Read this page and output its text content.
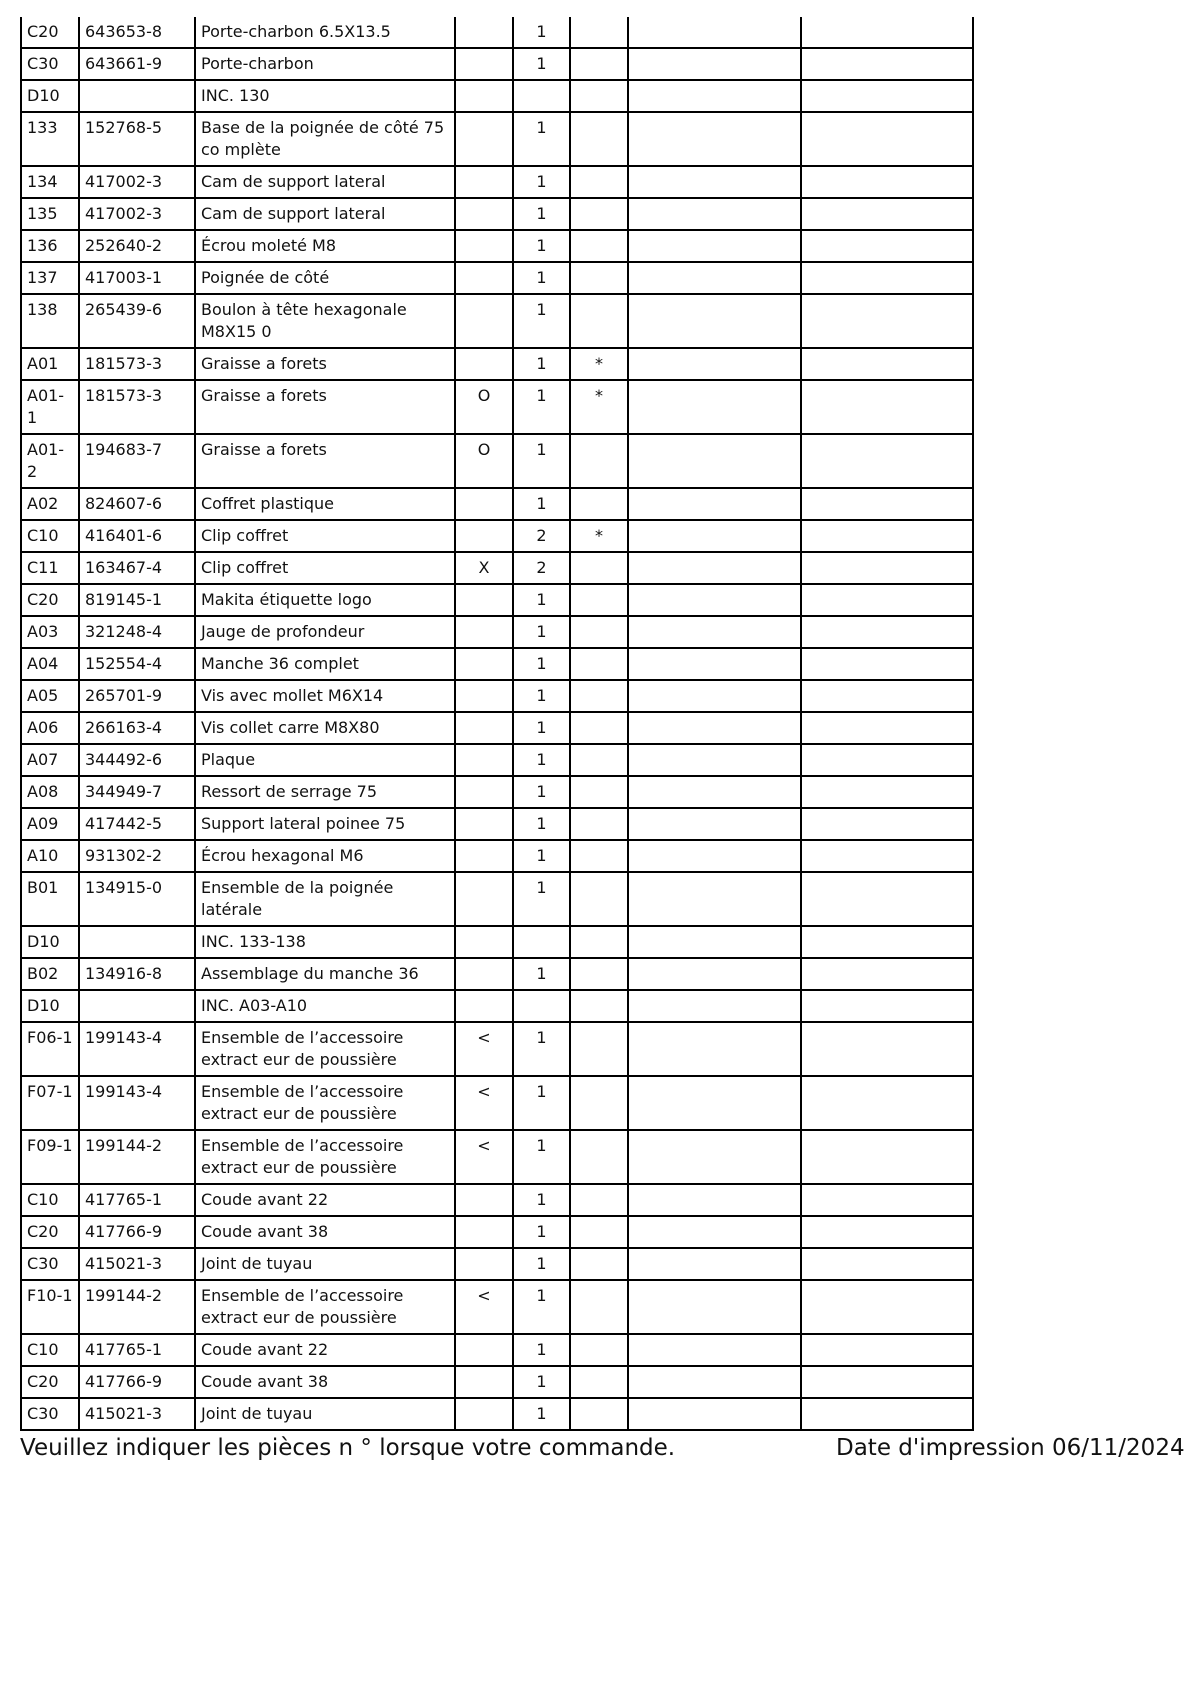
C20	643653-8	Porte-charbon 6.5X13.5		1			
C30	643661-9	Porte-charbon		1			
D10		INC. 130					
133	152768-5	Base de la poignée de côté 75 co mplète		1			
134	417002-3	Cam de support lateral		1			
135	417002-3	Cam de support lateral		1			
136	252640-2	Écrou moleté M8		1			
137	417003-1	Poignée de côté		1			
138	265439-6	Boulon à tête hexagonale M8X15 0		1			
A01	181573-3	Graisse a forets		1	*		
A01-1	181573-3	Graisse a forets	O	1	*		
A01-2	194683-7	Graisse a forets	O	1			
A02	824607-6	Coffret plastique		1			
C10	416401-6	Clip coffret		2	*		
C11	163467-4	Clip coffret	X	2			
C20	819145-1	Makita étiquette logo		1			
A03	321248-4	Jauge de profondeur		1			
A04	152554-4	Manche 36 complet		1			
A05	265701-9	Vis avec mollet M6X14		1			
A06	266163-4	Vis collet carre M8X80		1			
A07	344492-6	Plaque		1			
A08	344949-7	Ressort de serrage 75		1			
A09	417442-5	Support lateral poinee 75		1			
A10	931302-2	Écrou hexagonal M6		1			
B01	134915-0	Ensemble de la poignée latérale		1			
D10		INC. 133-138					
B02	134916-8	Assemblage du manche 36		1			
D10		INC. A03-A10					
F06-1	199143-4	Ensemble de l’accessoire extract eur de poussière	<	1			
F07-1	199143-4	Ensemble de l’accessoire extract eur de poussière	<	1			
F09-1	199144-2	Ensemble de l’accessoire extract eur de poussière	<	1			
C10	417765-1	Coude avant 22		1			
C20	417766-9	Coude avant 38		1			
C30	415021-3	Joint de tuyau		1			
F10-1	199144-2	Ensemble de l’accessoire extract eur de poussière	<	1			
C10	417765-1	Coude avant 22		1			
C20	417766-9	Coude avant 38		1			
C30	415021-3	Joint de tuyau		1			
Veuillez indiquer les pièces n ° lorsque votre commande.	Date d'impression 06/11/2024
